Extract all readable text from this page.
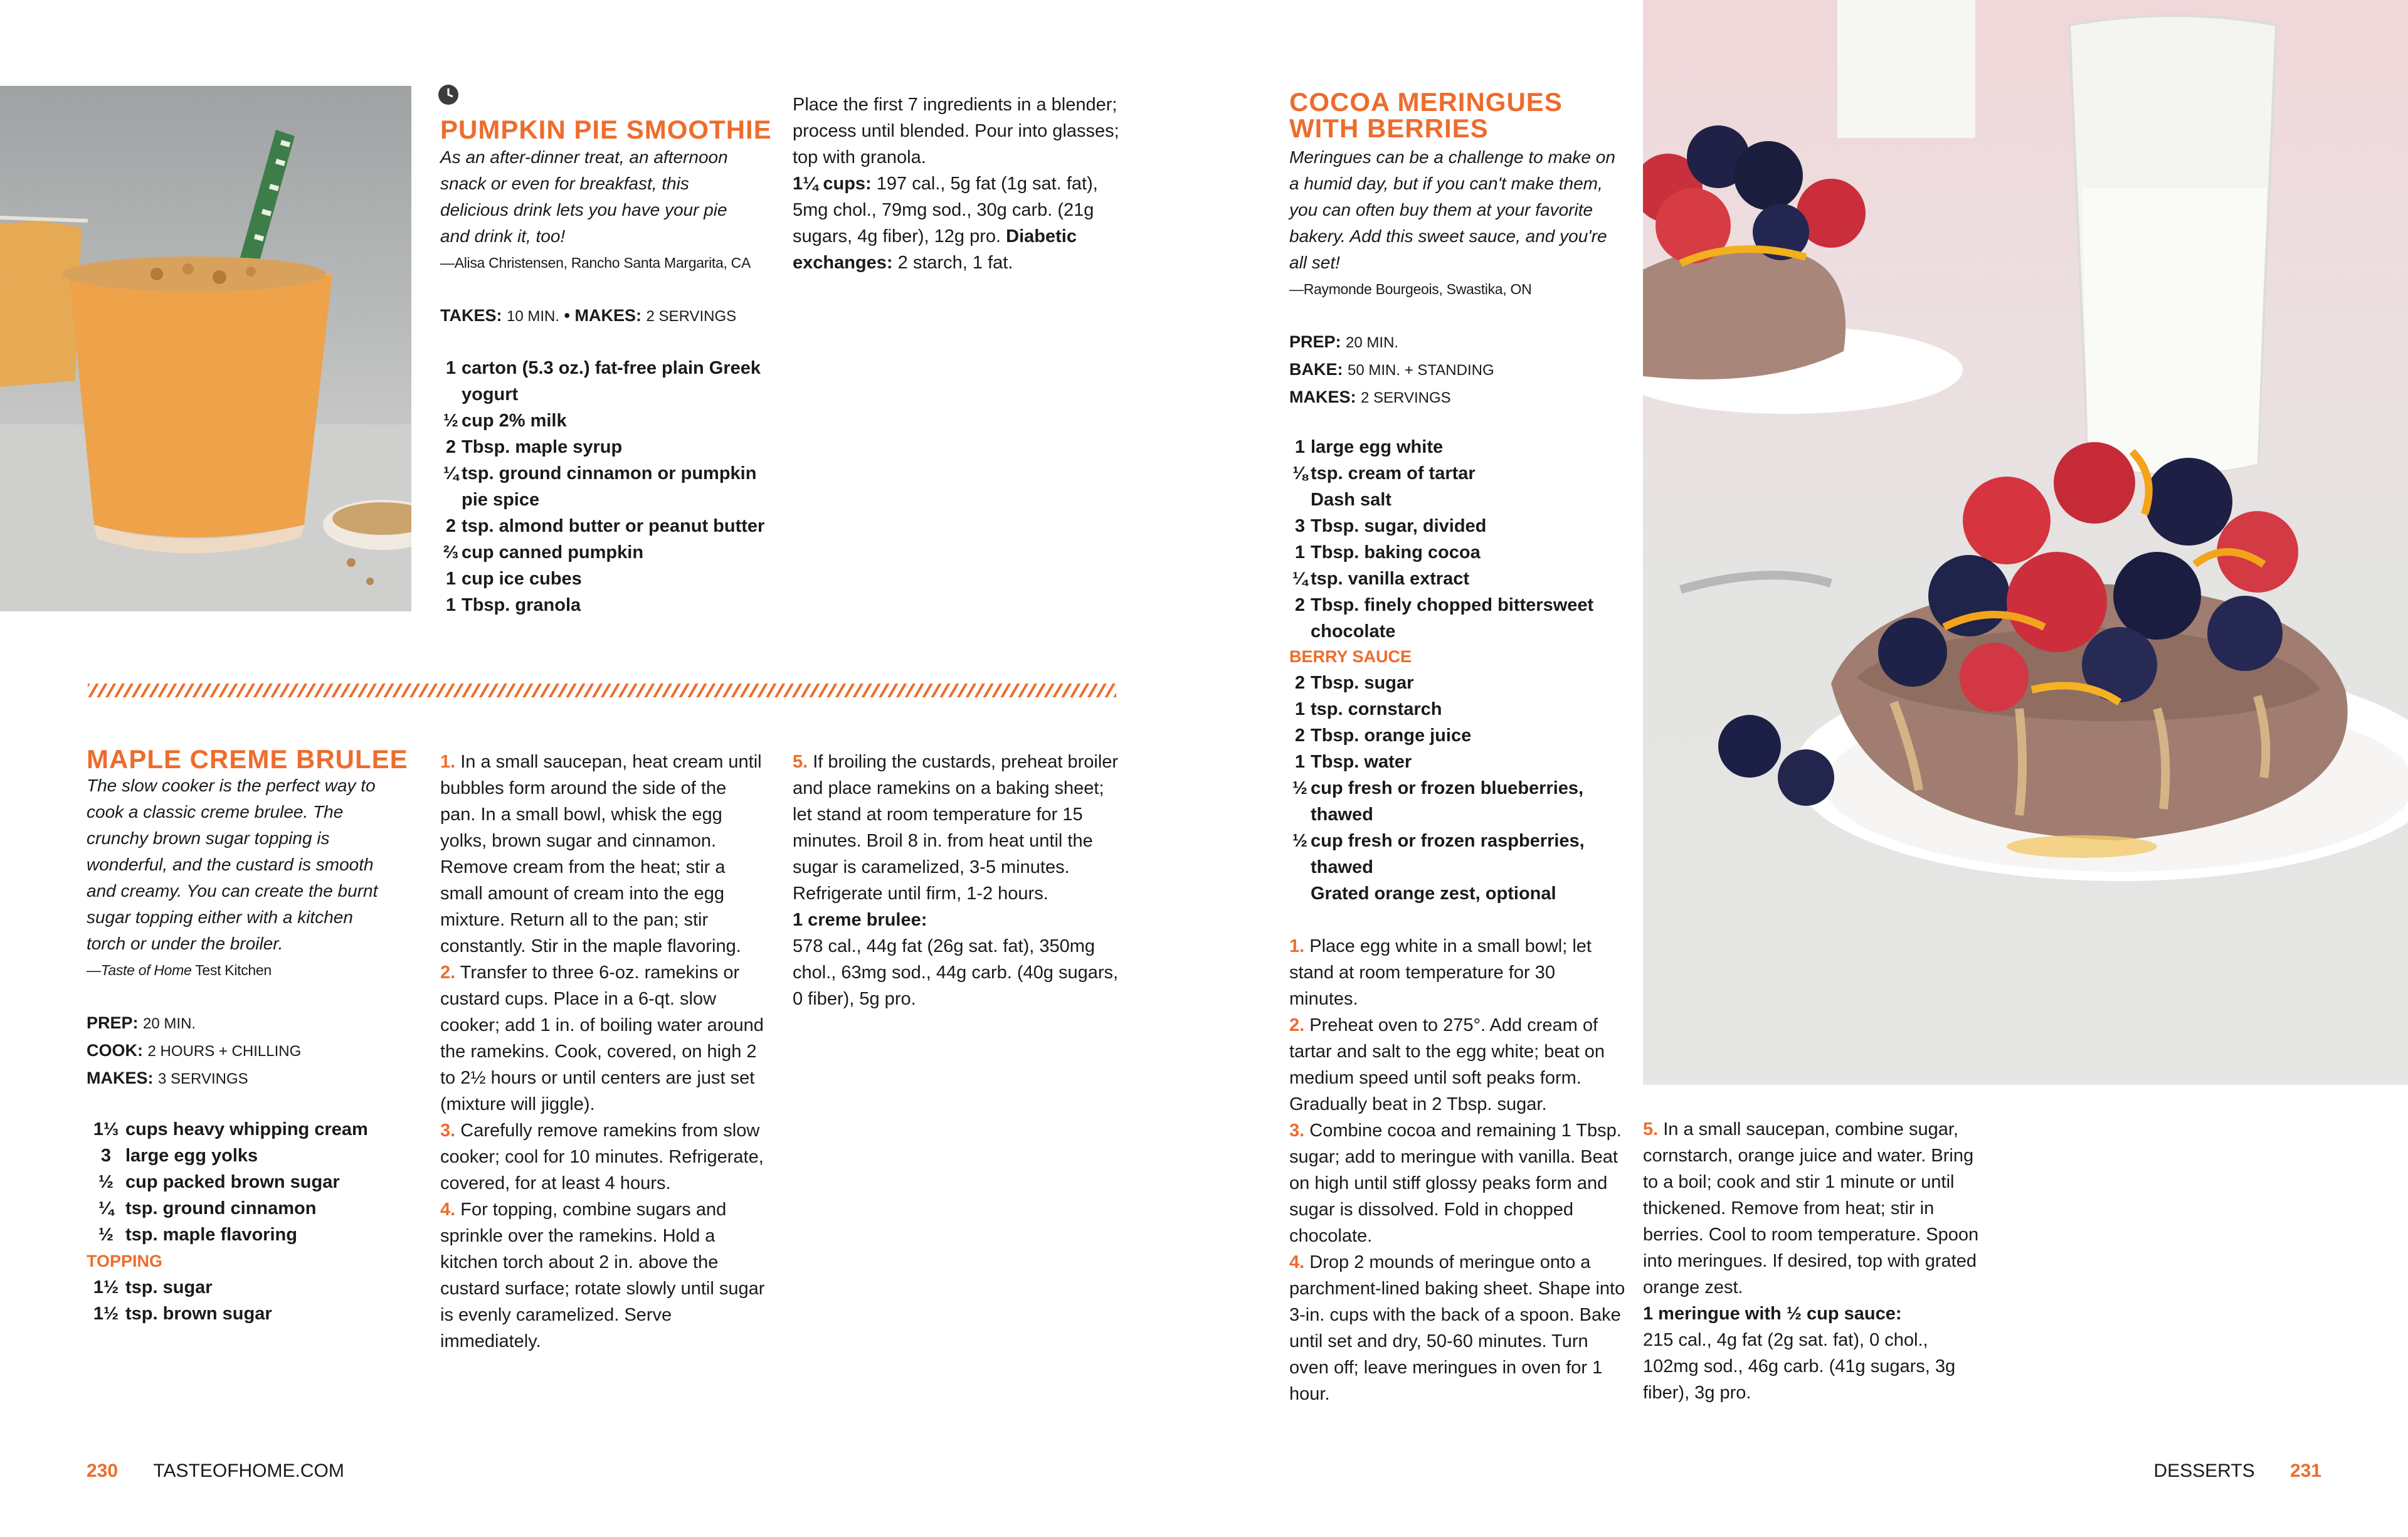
PUMPKIN PIE SMOOTHIE

As an after-dinner treat, an afternoon snack or even for breakfast, this delicious drink lets you have your pie and drink it, too!
—Alisa Christensen, Rancho Santa Margarita, CA

TAKES: 10 MIN. • MAKES: 2 SERVINGS

1 carton (5.3 oz.) fat-free plain Greek yogurt
½ cup 2% milk
2 Tbsp. maple syrup
¼ tsp. ground cinnamon or pumpkin pie spice
2 tsp. almond butter or peanut butter
⅔ cup canned pumpkin
1 cup ice cubes
1 Tbsp. granola

Place the first 7 ingredients in a blender; process until blended. Pour into glasses; top with granola.

1¼ cups: 197 cal., 5g fat (1g sat. fat), 5mg chol., 79mg sod., 30g carb. (21g sugars, 4g fiber), 12g pro. Diabetic exchanges: 2 starch, 1 fat.

MAPLE CREME BRULEE

The slow cooker is the perfect way to cook a classic creme brulee. The crunchy brown sugar topping is wonderful, and the custard is smooth and creamy. You can create the burnt sugar topping either with a kitchen torch or under the broiler.
—Taste of Home Test Kitchen

PREP: 20 MIN.
COOK: 2 HOURS + CHILLING
MAKES: 3 SERVINGS
1⅓ cups heavy whipping cream
3 large egg yolks
½ cup packed brown sugar
¼ tsp. ground cinnamon
½ tsp. maple flavoring
TOPPING
1½ tsp. sugar
1½ tsp. brown sugar

1. In a small saucepan, heat cream until bubbles form around the side of the pan. In a small bowl, whisk the egg yolks, brown sugar and cinnamon. Remove cream from the heat; stir a small amount of cream into the egg mixture. Return all to the pan; stir constantly. Stir in the maple flavoring.

2. Transfer to three 6-oz. ramekins or custard cups. Place in a 6-qt. slow cooker; add 1 in. of boiling water around the ramekins. Cook, covered, on high 2 to 2½ hours or until centers are just set (mixture will jiggle).

3. Carefully remove ramekins from slow cooker; cool for 10 minutes. Refrigerate, covered, for at least 4 hours.

4. For topping, combine sugars and sprinkle over the ramekins. Hold a kitchen torch about 2 in. above the custard surface; rotate slowly until sugar is evenly caramelized. Serve immediately.

5. If broiling the custards, preheat broiler and place ramekins on a baking sheet; let stand at room temperature for 15 minutes. Broil 8 in. from heat until the sugar is caramelized, 3-5 minutes. Refrigerate until firm, 1-2 hours.

1 creme brulee:
578 cal., 44g fat (26g sat. fat), 350mg chol., 63mg sod., 44g carb. (40g sugars, 0 fiber), 5g pro.

COCOA MERINGUES
WITH BERRIES

Meringues can be a challenge to make on a humid day, but if you can't make them, you can often buy them at your favorite bakery. Add this sweet sauce, and you're all set!
—Raymonde Bourgeois, Swastika, ON

PREP: 20 MIN.
BAKE: 50 MIN. + STANDING
MAKES: 2 SERVINGS
1 large egg white
⅛ tsp. cream of tartar
Dash salt
3 Tbsp. sugar, divided
1 Tbsp. baking cocoa
¼ tsp. vanilla extract
2 Tbsp. finely chopped bittersweet chocolate
BERRY SAUCE
2 Tbsp. sugar
1 tsp. cornstarch
2 Tbsp. orange juice
1 Tbsp. water
½ cup fresh or frozen blueberries, thawed
½ cup fresh or frozen raspberries, thawed
Grated orange zest, optional

1. Place egg white in a small bowl; let stand at room temperature for 30 minutes.

2. Preheat oven to 275°. Add cream of tartar and salt to the egg white; beat on medium speed until soft peaks form. Gradually beat in 2 Tbsp. sugar.

3. Combine cocoa and remaining 1 Tbsp. sugar; add to meringue with vanilla. Beat on high until stiff glossy peaks form and sugar is dissolved. Fold in chopped chocolate.

4. Drop 2 mounds of meringue onto a parchment-lined baking sheet. Shape into 3-in. cups with the back of a spoon. Bake until set and dry, 50-60 minutes. Turn oven off; leave meringues in oven for 1 hour.

5. In a small saucepan, combine sugar, cornstarch, orange juice and water. Bring to a boil; cook and stir 1 minute or until thickened. Remove from heat; stir in berries. Cool to room temperature. Spoon into meringues. If desired, top with grated orange zest.

1 meringue with ½ cup sauce:
215 cal., 4g fat (2g sat. fat), 0 chol., 102mg sod., 46g carb. (41g sugars, 3g fiber), 3g pro.

230 TASTEOFHOME.COM	DESSERTS 231
